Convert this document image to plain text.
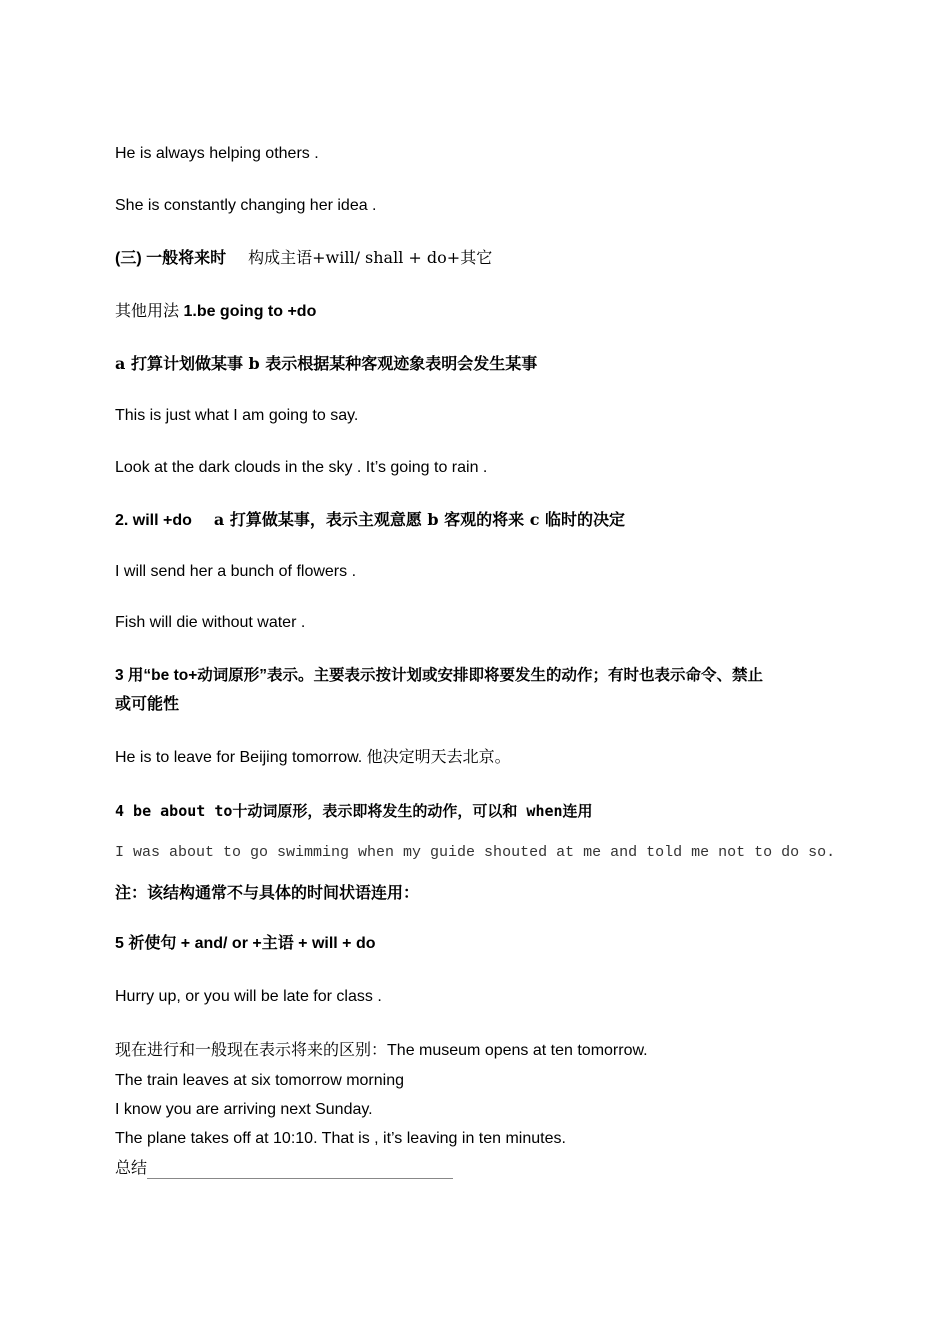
He is always helping others .

She is constantly changing her idea .

(三) 一般将来时 构成主语+will/ shall + do+其它

其他用法 1.be going to +do

a 打算计划做某事 b 表示根据某种客观迹象表明会发生某事

This is just what I am going to say.

Look at the dark clouds in the sky . It’s going to rain .

2. will +do a 打算做某事，表示主观意愿 b 客观的将来 c 临时的决定

I will send her a bunch of flowers .

Fish will die without water .

3 用“be to+动词原形”表示。主要表示按计划或安排即将要发生的动作；有时也表示命令、禁止

或可能性

He is to leave for Beijing tomorrow. 他决定明天去北京。

4 be about to十动词原形，表示即将发生的动作，可以和 when连用

I was about to go swimming when my guide shouted at me and told me not to do so.

注：该结构通常不与具体的时间状语连用：

5 祈使句 + and/ or +主语 + will + do

Hurry up, or you will be late for class .

现在进行和一般现在表示将来的区别：The museum opens at ten tomorrow.

The train leaves at six tomorrow morning

I know you are arriving next Sunday.

The plane takes off at 10:10. That is , it’s leaving in ten minutes.

总结
